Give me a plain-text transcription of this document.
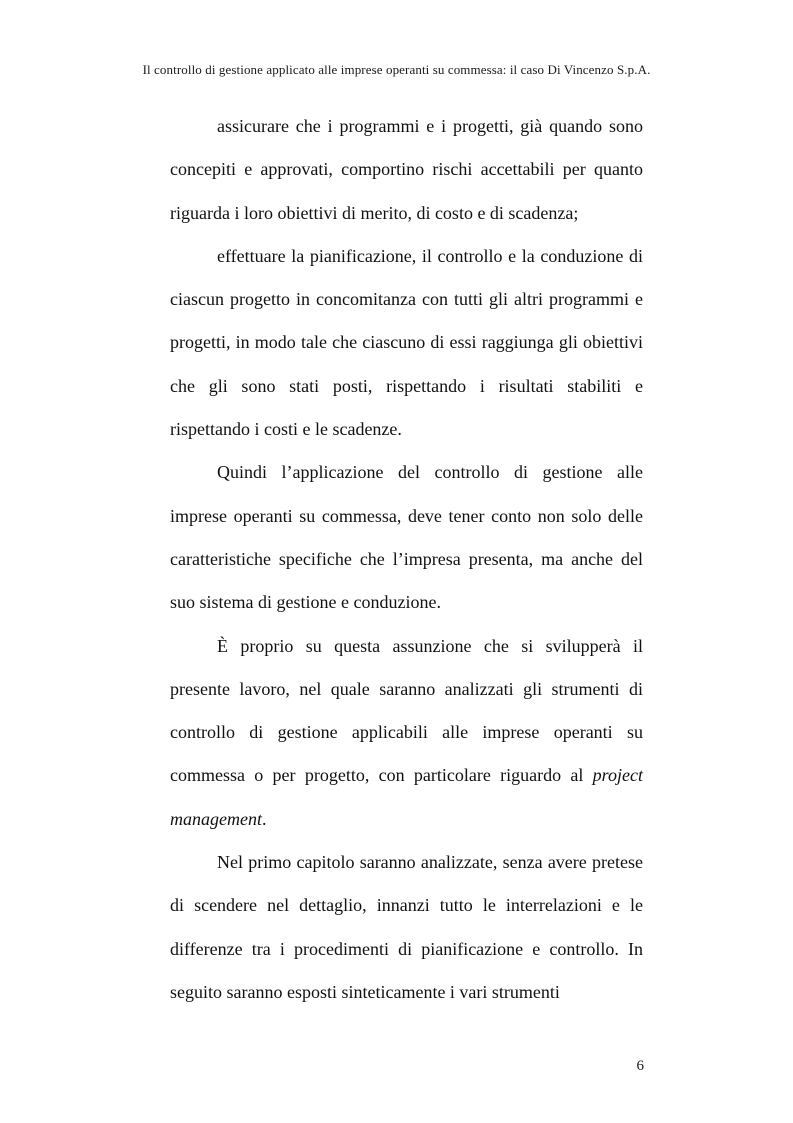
Il controllo di gestione applicato alle imprese operanti su commessa: il caso Di Vincenzo S.p.A.

assicurare che i programmi e i progetti, già quando sono concepiti e approvati, comportino rischi accettabili per quanto riguarda i loro obiettivi di merito, di costo e di scadenza;

effettuare la pianificazione, il controllo e la conduzione di ciascun progetto in concomitanza con tutti gli altri programmi e progetti, in modo tale che ciascuno di essi raggiunga gli obiettivi che gli sono stati posti, rispettando i risultati stabiliti e rispettando i costi e le scadenze.

Quindi l’applicazione del controllo di gestione alle imprese operanti su commessa, deve tener conto non solo delle caratteristiche specifiche che l’impresa presenta, ma anche del suo sistema di gestione e conduzione.

È proprio su questa assunzione che si svilupperà il presente lavoro, nel quale saranno analizzati gli strumenti di controllo di gestione applicabili alle imprese operanti su commessa o per progetto, con particolare riguardo al project management.

Nel primo capitolo saranno analizzate, senza avere pretese di scendere nel dettaglio, innanzi tutto le interrelazioni e le differenze tra i procedimenti di pianificazione e controllo. In seguito saranno esposti sinteticamente i vari strumenti

6
